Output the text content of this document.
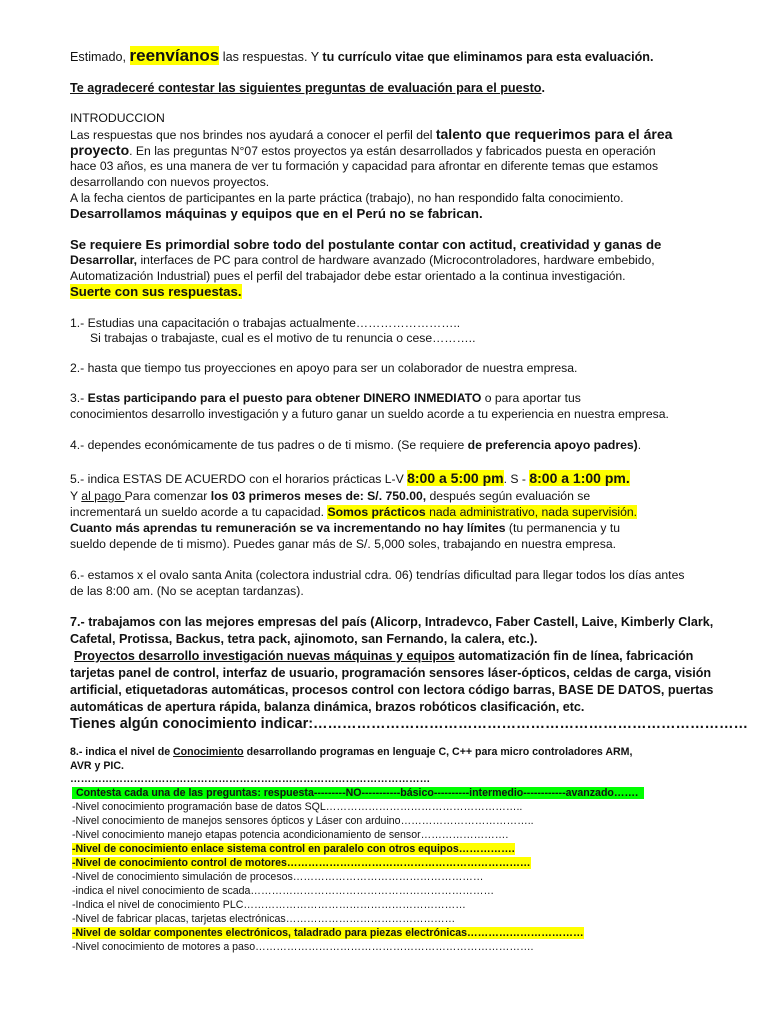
Estimado, reenvíanos las respuestas. Y tu currículo vitae que eliminamos para esta evaluación.
Te agradeceré contestar las siguientes preguntas de evaluación para el puesto.
INTRODUCCION
Las respuestas que nos brindes nos ayudará a conocer el perfil del talento que requerimos para el área
proyecto. En las preguntas N°07 estos proyectos ya están desarrollados y fabricados puesta en operación
hace 03 años, es una manera de ver tu formación y capacidad para afrontar en diferente temas que estamos
desarrollando con nuevos proyectos.
A la fecha cientos de participantes en la parte práctica (trabajo), no han respondido falta conocimiento.
Desarrollamos máquinas y equipos que en el Perú no se fabrican.
Se requiere Es primordial sobre todo del postulante contar con actitud, creatividad y ganas de
Desarrollar, interfaces de PC para control de hardware avanzado (Microcontroladores, hardware embebido,
Automatización Industrial) pues el perfil del trabajador debe estar orientado a la continua investigación.
Suerte con sus respuestas.
1.- Estudias una capacitación o trabajas actualmente……………………..
Si trabajas o trabajaste, cual es el motivo de tu renuncia o cese………..
2.- hasta que tiempo tus proyecciones en apoyo para ser un colaborador de nuestra empresa.
3.- Estas participando para el puesto para obtener DINERO INMEDIATO o para aportar tus
conocimientos desarrollo investigación y a futuro ganar un sueldo acorde a tu experiencia en nuestra empresa.
4.- dependes económicamente de tus padres o de ti mismo. (Se requiere de preferencia apoyo padres).
5.- indica ESTAS DE ACUERDO con el horarios prácticas L-V 8:00 a 5:00 pm. S - 8:00 a 1:00 pm.
Y al pago Para comenzar los 03 primeros meses de: S/. 750.00, después según evaluación se
incrementará un sueldo acorde a tu capacidad. Somos prácticos nada administrativo, nada supervisión.
Cuanto más aprendas tu remuneración se va incrementando no hay límites (tu permanencia y tu
sueldo depende de ti mismo). Puedes ganar más de S/. 5,000 soles, trabajando en nuestra empresa.
6.- estamos x el ovalo santa Anita (colectora industrial cdra. 06) tendrías dificultad para llegar todos los días antes
de las 8:00 am. (No se aceptan tardanzas).
7.- trabajamos con las mejores empresas del país (Alicorp, Intradevco, Faber Castell, Laive, Kimberly Clark,
Cafetal, Protissa, Backus, tetra pack, ajinomoto, san Fernando, la calera, etc.).
Proyectos desarrollo investigación nuevas máquinas y equipos automatización fin de línea, fabricación
tarjetas panel de control, interfaz de usuario, programación sensores láser-ópticos, celdas de carga, visión
artificial, etiquetadoras automáticas, procesos control con lectora código barras, BASE DE DATOS, puertas
automáticas de apertura rápida, balanza dinámica, brazos robóticos clasificación, etc.
Tienes algún conocimiento indicar:………………………………………………………………………………
8.- indica el nivel de Conocimiento desarrollando programas en lenguaje C, C++ para micro controladores ARM,
AVR y PIC.
…………………………………………………………………………………………
Contesta cada una de las preguntas: respuesta---------NO-----------básico----------intermedio------------avanzado…….
-Nivel conocimiento programación base de datos SQL………………………………………………..
-Nivel conocimiento de manejos sensores ópticos y Láser con arduino………………………………..
-Nivel conocimiento manejo etapas potencia acondicionamiento de sensor…………………….
-Nivel de conocimiento enlace sistema control en paralelo con otros equipos…………….
-Nivel de conocimiento control de motores……………………………………………………………
-Nivel de conocimiento simulación de procesos………………………………………………
-indica el nivel conocimiento de scada……………………………………………………………
-Indica el nivel de conocimiento PLC………………………………………………………
-Nivel de fabricar placas, tarjetas electrónicas…………………………………………
-Nivel de soldar componentes electrónicos, taladrado para piezas electrónicas……………………………
-Nivel conocimiento de motores a paso…………………………………………………………………….
